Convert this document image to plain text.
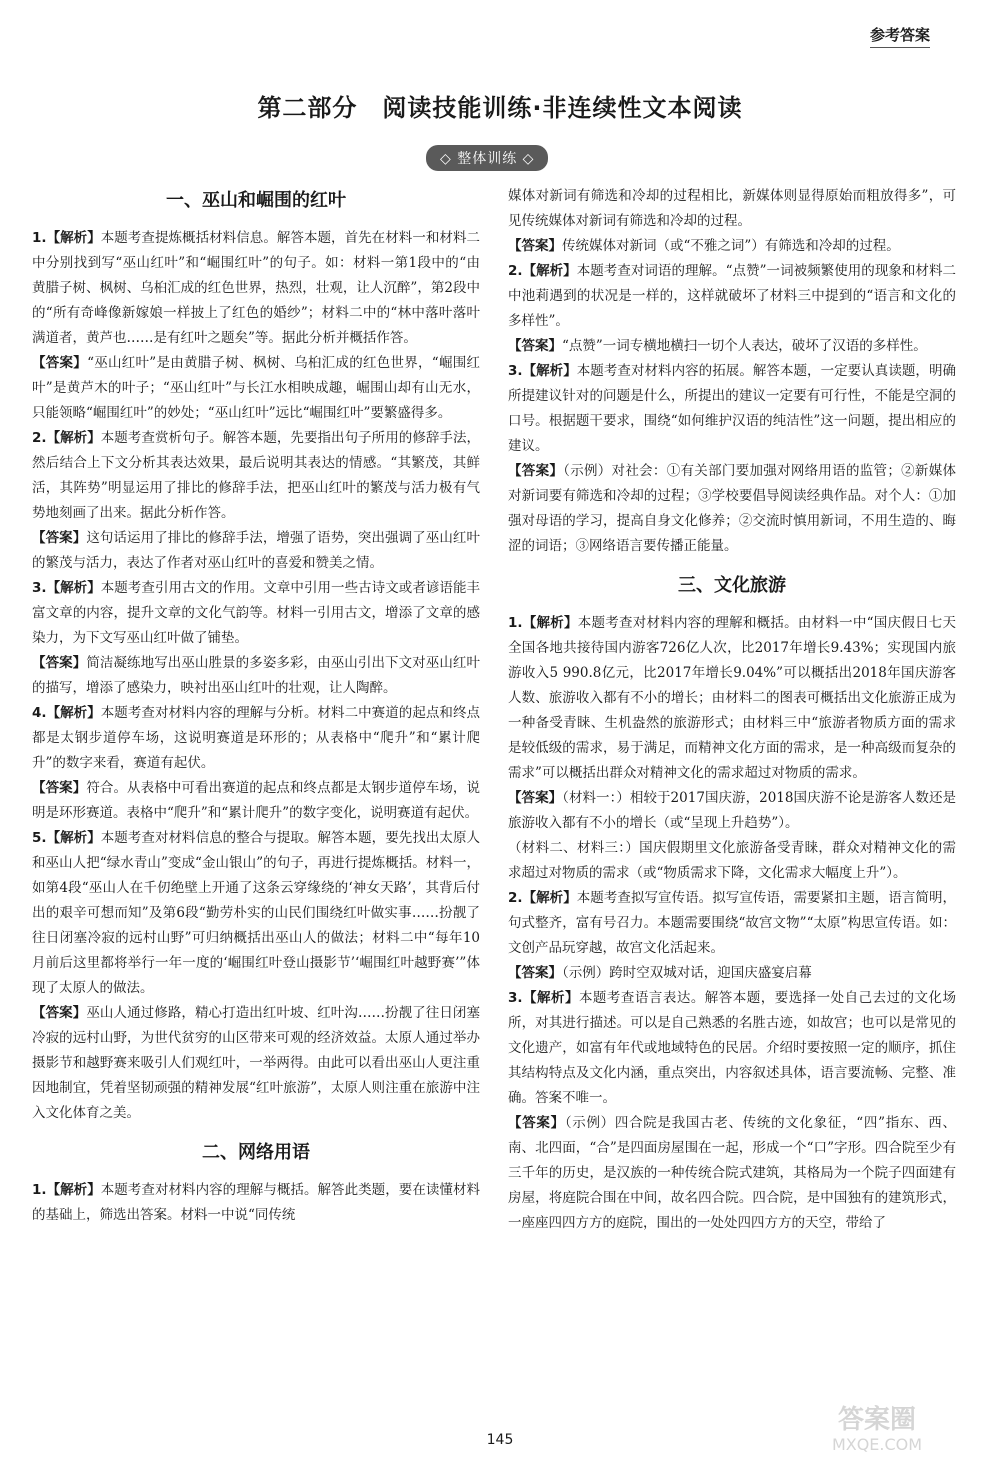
参考答案
第二部分　阅读技能训练·非连续性文本阅读
◇ 整体训练 ◇
一、巫山和崛围的红叶

1.【解析】本题考查提炼概括材料信息。解答本题，首先在材料一和材料二中分别找到写“巫山红叶”和“崛围红叶”的句子。如：材料一第1段中的“由黄腊子树、枫树、乌桕汇成的红色世界，热烈，壮观，让人沉醉”，第2段中的“所有奇峰像新嫁娘一样披上了红色的婚纱”；材料二中的“林中落叶落叶满道者，黄芦也……是有红叶之题矣”等。据此分析并概括作答。

【答案】“巫山红叶”是由黄腊子树、枫树、乌桕汇成的红色世界，“崛围红叶”是黄芦木的叶子；“巫山红叶”与长江水相映成趣，崛围山却有山无水，只能领略“崛围红叶”的妙处；“巫山红叶”远比“崛围红叶”要繁盛得多。

2.【解析】本题考查赏析句子。解答本题，先要指出句子所用的修辞手法，然后结合上下文分析其表达效果，最后说明其表达的情感。“其繁茂，其鲜活，其阵势”明显运用了排比的修辞手法，把巫山红叶的繁茂与活力极有气势地刻画了出来。据此分析作答。

【答案】这句话运用了排比的修辞手法，增强了语势，突出强调了巫山红叶的繁茂与活力，表达了作者对巫山红叶的喜爱和赞美之情。

3.【解析】本题考查引用古文的作用。文章中引用一些古诗文或者谚语能丰富文章的内容，提升文章的文化气韵等。材料一引用古文，增添了文章的感染力，为下文写巫山红叶做了铺垫。

【答案】简洁凝练地写出巫山胜景的多姿多彩，由巫山引出下文对巫山红叶的描写，增添了感染力，映衬出巫山红叶的壮观，让人陶醉。

4.【解析】本题考查对材料内容的理解与分析。材料二中赛道的起点和终点都是太钢步道停车场，这说明赛道是环形的；从表格中“爬升”和“累计爬升”的数字来看，赛道有起伏。

【答案】符合。从表格中可看出赛道的起点和终点都是太钢步道停车场，说明是环形赛道。表格中“爬升”和“累计爬升”的数字变化，说明赛道有起伏。

5.【解析】本题考查对材料信息的整合与提取。解答本题，要先找出太原人和巫山人把“绿水青山”变成“金山银山”的句子，再进行提炼概括。材料一，如第4段“巫山人在千仞绝壁上开通了这条云穿缘绕的‘神女天路’，其背后付出的艰辛可想而知”及第6段“勤劳朴实的山民们围绕红叶做实事……扮靓了往日闭塞冷寂的远村山野”可归纳概括出巫山人的做法；材料二中“每年10月前后这里都将举行一年一度的‘崛围红叶登山摄影节’‘崛围红叶越野赛’”体现了太原人的做法。

【答案】巫山人通过修路，精心打造出红叶坡、红叶沟……扮靓了往日闭塞冷寂的远村山野，为世代贫穷的山区带来可观的经济效益。太原人通过举办摄影节和越野赛来吸引人们观红叶，一举两得。由此可以看出巫山人更注重因地制宜，凭着坚韧顽强的精神发展“红叶旅游”，太原人则注重在旅游中注入文化体育之美。

二、网络用语

1.【解析】本题考查对材料内容的理解与概括。解答此类题，要在读懂材料的基础上，筛选出答案。材料一中说“同传统

媒体对新词有筛选和冷却的过程相比，新媒体则显得原始而粗放得多”，可见传统媒体对新词有筛选和冷却的过程。

【答案】传统媒体对新词（或“不雅之词”）有筛选和冷却的过程。

2.【解析】本题考查对词语的理解。“点赞”一词被频繁使用的现象和材料二中池莉遇到的状况是一样的，这样就破坏了材料三中提到的“语言和文化的多样性”。

【答案】“点赞”一词专横地横扫一切个人表达，破坏了汉语的多样性。

3.【解析】本题考查对材料内容的拓展。解答本题，一定要认真读题，明确所提建议针对的问题是什么，所提出的建议一定要有可行性，不能是空洞的口号。根据题干要求，围绕“如何维护汉语的纯洁性”这一问题，提出相应的建议。

【答案】（示例）对社会：①有关部门要加强对网络用语的监管；②新媒体对新词要有筛选和冷却的过程；③学校要倡导阅读经典作品。对个人：①加强对母语的学习，提高自身文化修养；②交流时慎用新词，不用生造的、晦涩的词语；③网络语言要传播正能量。

三、文化旅游

1.【解析】本题考查对材料内容的理解和概括。由材料一中“国庆假日七天全国各地共接待国内游客726亿人次，比2017年增长9.43%；实现国内旅游收入5 990.8亿元，比2017年增长9.04%”可以概括出2018年国庆游客人数、旅游收入都有不小的增长；由材料二的图表可概括出文化旅游正成为一种备受青睐、生机盎然的旅游形式；由材料三中“旅游者物质方面的需求是较低级的需求，易于满足，而精神文化方面的需求，是一种高级而复杂的需求”可以概括出群众对精神文化的需求超过对物质的需求。

【答案】（材料一：）相较于2017国庆游，2018国庆游不论是游客人数还是旅游收入都有不小的增长（或“呈现上升趋势”）。

（材料二、材料三：）国庆假期里文化旅游备受青睐，群众对精神文化的需求超过对物质的需求（或“物质需求下降，文化需求大幅度上升”）。

2.【解析】本题考查拟写宣传语。拟写宣传语，需要紧扣主题，语言简明，句式整齐，富有号召力。本题需要围绕“故宫文物”“太原”构思宣传语。如：文创产品玩穿越，故宫文化活起来。

【答案】（示例）跨时空双城对话，迎国庆盛宴启幕

3.【解析】本题考查语言表达。解答本题，要选择一处自己去过的文化场所，对其进行描述。可以是自己熟悉的名胜古迹，如故宫；也可以是常见的文化遗产，如富有年代或地域特色的民居。介绍时要按照一定的顺序，抓住其结构特点及文化内涵，重点突出，内容叙述具体，语言要流畅、完整、准确。答案不唯一。

【答案】（示例）四合院是我国古老、传统的文化象征，“四”指东、西、南、北四面，“合”是四面房屋围在一起，形成一个“口”字形。四合院至少有三千年的历史，是汉族的一种传统合院式建筑，其格局为一个院子四面建有房屋，将庭院合围在中间，故名四合院。四合院，是中国独有的建筑形式，一座座四四方方的庭院，围出的一处处四四方方的天空，带给了

145
答案圈
MXQE.COM
